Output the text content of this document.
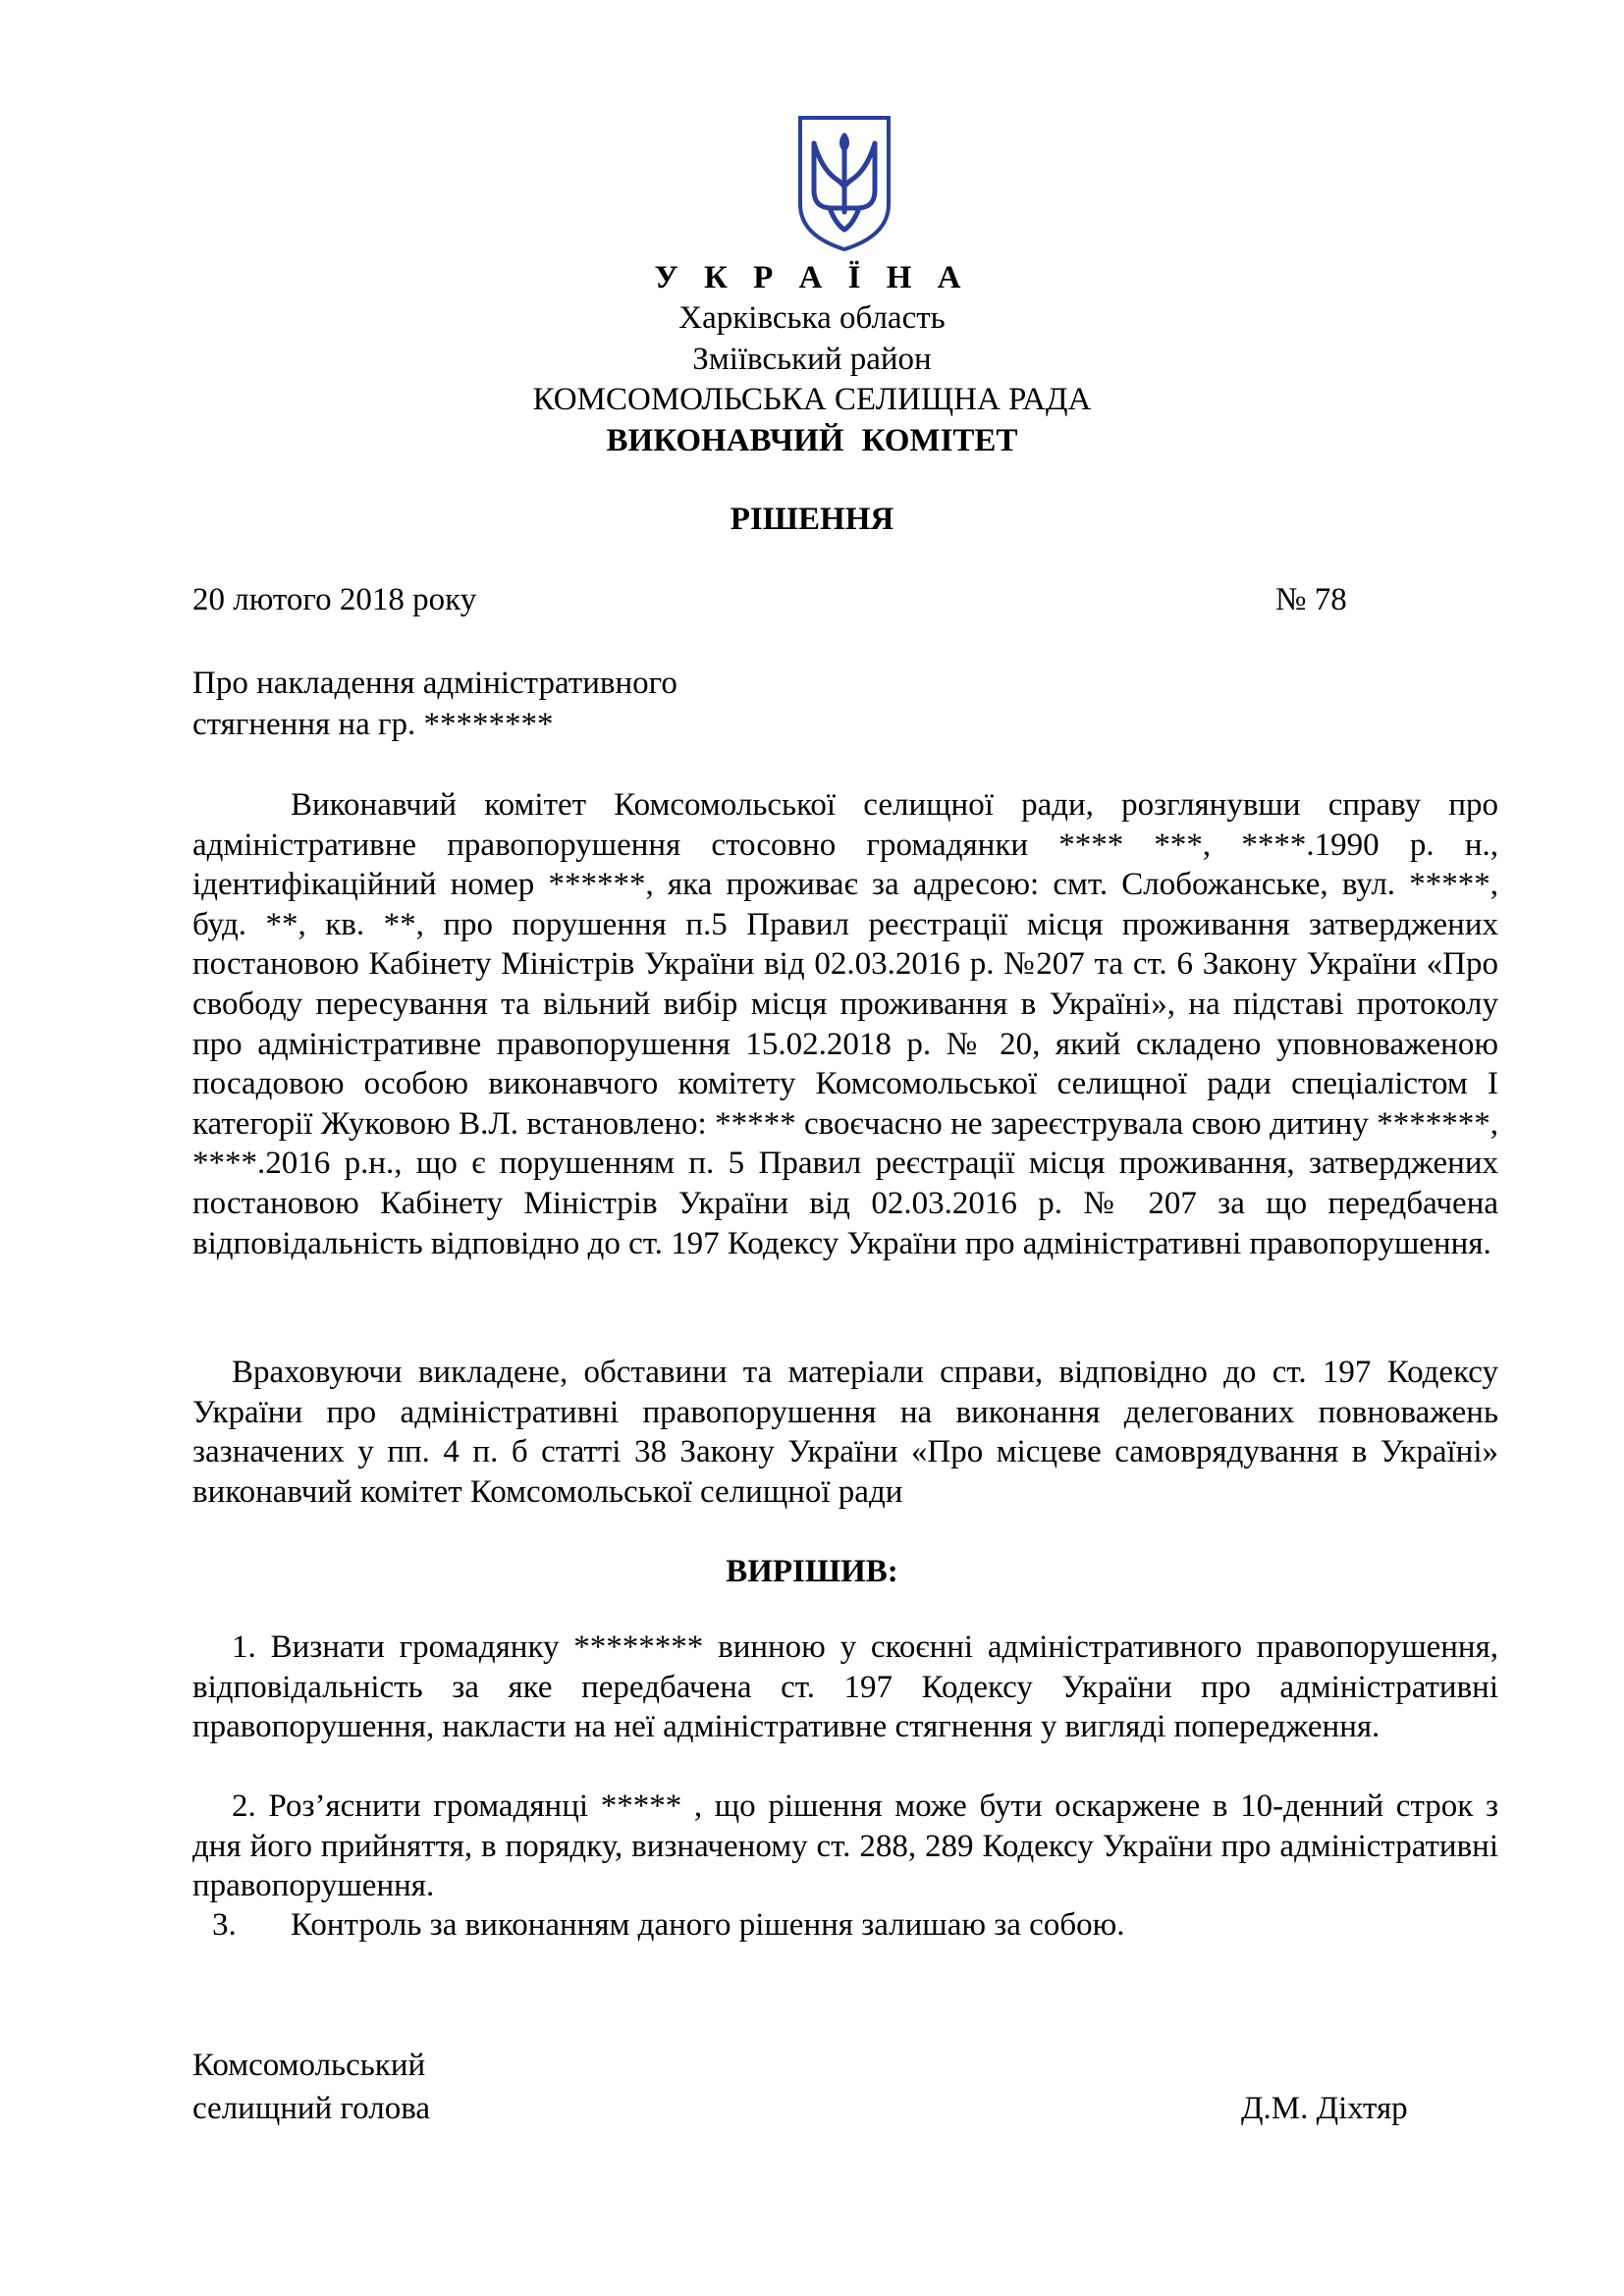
У К Р А Ї Н А
Харківська область
Зміївський район
КОМСОМОЛЬСЬКА СЕЛИЩНА РАДА
ВИКОНАВЧИЙ КОМІТЕТ
РІШЕННЯ
20 лютого 2018 року	№ 78
Про накладення адміністративного
стягнення на гр. ********
Виконавчий комітет Комсомольської селищної ради, розглянувши справу про адміністративне правопорушення стосовно громадянки **** ***, ****.1990 р. н., ідентифікаційний номер ******, яка проживає за адресою: смт. Слобожанське, вул. *****, буд. **, кв. **, про порушення п.5 Правил реєстрації місця проживання затверджених постановою Кабінету Міністрів України від 02.03.2016 р. №207 та ст. 6 Закону України «Про свободу пересування та вільний вибір місця проживання в Україні», на підставі протоколу про адміністративне правопорушення 15.02.2018 р. № 20, який складено уповноваженою посадовою особою виконавчого комітету Комсомольської селищної ради спеціалістом І категорії Жуковою В.Л. встановлено: ***** своєчасно не зареєструвала свою дитину *******, ****.2016 р.н., що є порушенням п. 5 Правил реєстрації місця проживання, затверджених постановою Кабінету Міністрів України від 02.03.2016 р. № 207 за що передбачена відповідальність відповідно до ст. 197 Кодексу України про адміністративні правопорушення.
Враховуючи викладене, обставини та матеріали справи, відповідно до ст. 197 Кодексу України про адміністративні правопорушення на виконання делегованих повноважень зазначених у пп. 4 п. б статті 38 Закону України «Про місцеве самоврядування в Україні» виконавчий комітет Комсомольської селищної ради
ВИРІШИВ:
1. Визнати громадянку ******** винною у скоєнні адміністративного правопорушення, відповідальність за яке передбачена ст. 197 Кодексу України про адміністративні правопорушення, накласти на неї адміністративне стягнення у вигляді попередження.
2. Роз’яснити громадянці ***** , що рішення може бути оскаржене в 10-денний строк з дня його прийняття, в порядку, визначеному ст. 288, 289 Кодексу України про адміністративні правопорушення.
3. Контроль за виконанням даного рішення залишаю за собою.
Комсомольський
селищний голова	Д.М. Діхтяр
